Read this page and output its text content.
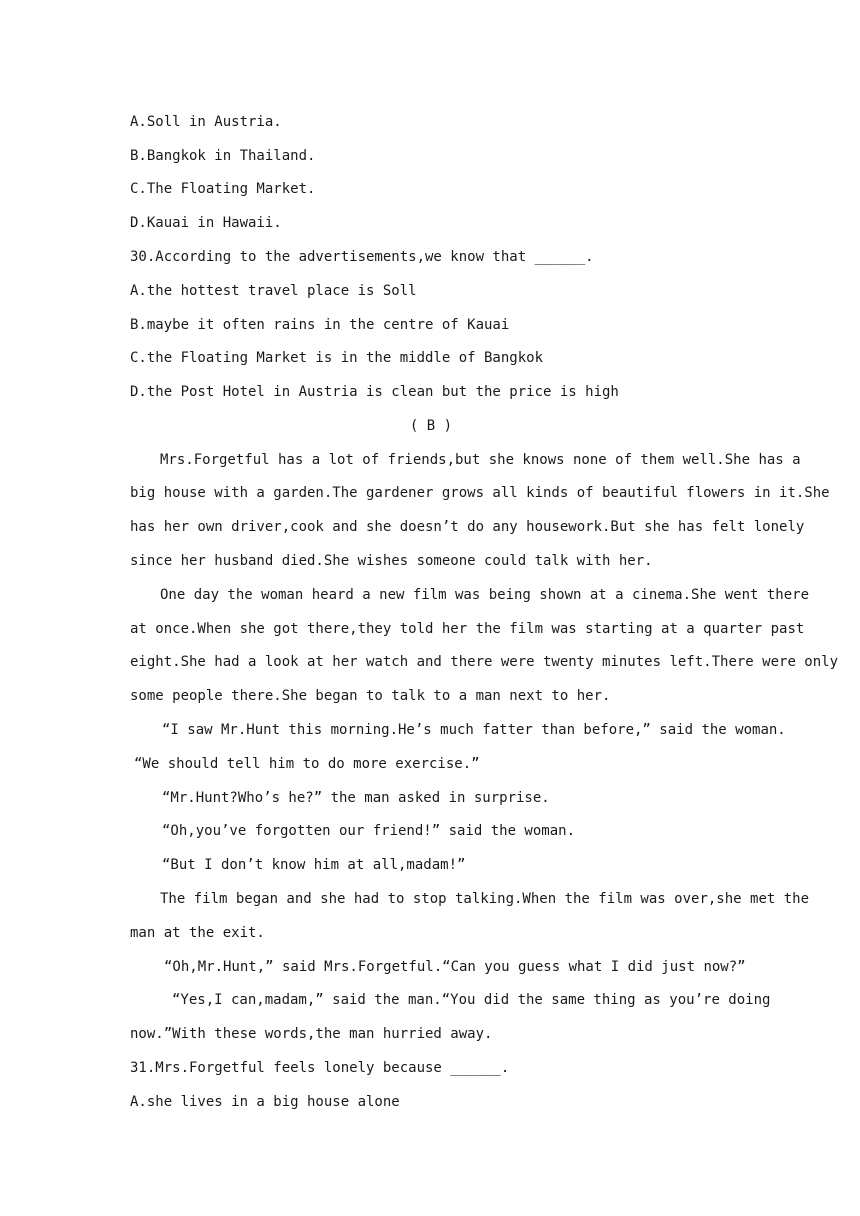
A.Soll in Austria.
B.Bangkok in Thailand.
C.The Floating Market.
D.Kauai in Hawaii.
30.According to the advertisements,we know that ______.
A.the hottest travel place is Soll
B.maybe it often rains in the centre of Kauai
C.the Floating Market is in the middle of Bangkok
D.the Post Hotel in Austria is clean but the price is high
( B )
Mrs.Forgetful has a lot of friends,but she knows none of them well.She has a
big house with a garden.The gardener grows all kinds of beautiful flowers in it.She
has her own driver,cook and she doesn’t do any housework.But she has felt lonely
since her husband died.She wishes someone could talk with her.
One day the woman heard a new film was being shown at a cinema.She went there
at once.When she got there,they told her the film was starting at a quarter past
eight.She had a look at her watch and there were twenty minutes left.There were only
some people there.She began to talk to a man next to her.
“I saw Mr.Hunt this morning.He’s much fatter than before,” said the woman.
“We should tell him to do more exercise.”
“Mr.Hunt?Who’s he?” the man asked in surprise.
“Oh,you’ve forgotten our friend!” said the woman.
“But I don’t know him at all,madam!”
The film began and she had to stop talking.When the film was over,she met the
man at the exit.
“Oh,Mr.Hunt,” said Mrs.Forgetful.“Can you guess what I did just now?”
“Yes,I can,madam,” said the man.“You did the same thing as you’re doing
now.”With these words,the man hurried away.
31.Mrs.Forgetful feels lonely because ______.
A.she lives in a big house alone
